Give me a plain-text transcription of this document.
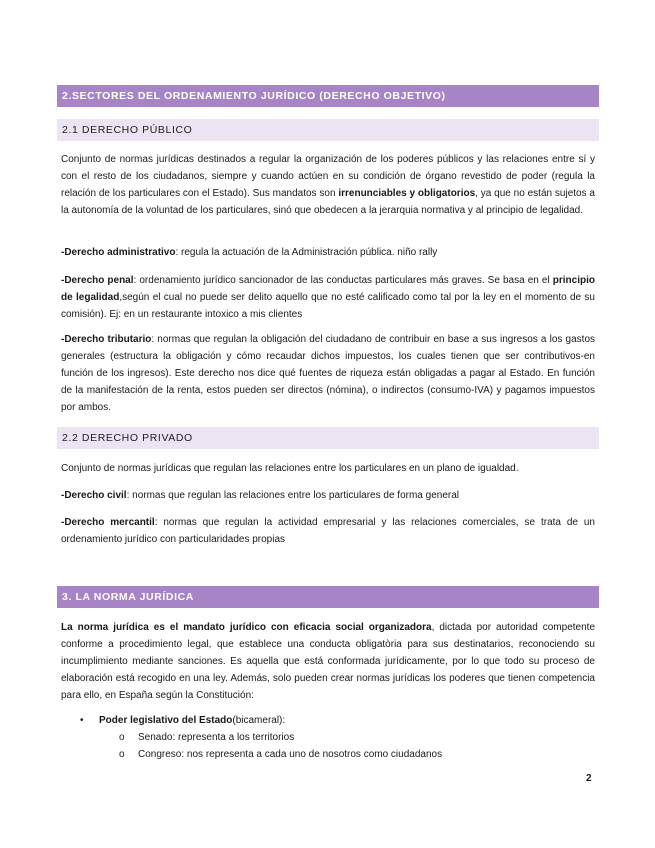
2.SECTORES DEL ORDENAMIENTO JURÍDICO (DERECHO OBJETIVO)
2.1 DERECHO PÚBLICO

Conjunto de normas jurídicas destinados a regular la organización de los poderes públicos y las relaciones entre sí y con el resto de los ciudadanos, siempre y cuando actúen en su condición de órgano revestido de poder (regula la relación de los particulares con el Estado). Sus mandatos son irrenunciables y obligatorios, ya que no están sujetos a la autonomía de la voluntad de los particulares, sinó que obedecen a la jerarquia normativa y al principio de legalidad.

-Derecho administrativo: regula la actuación de la Administración pública. niño rally

-Derecho penal: ordenamiento jurídico sancionador de las conductas particulares más graves. Se basa en el principio de legalidad,según el cual no puede ser delito aquello que no esté calificado como tal por la ley en el momento de su comisión). Ej: en un restaurante intoxico a mis clientes

-Derecho tributario: normas que regulan la obligación del ciudadano de contribuir en base a sus ingresos a los gastos generales (estructura la obligación y cómo recaudar dichos impuestos, los cuales tienen que ser contributivos-en función de los ingresos). Este derecho nos dice qué fuentes de riqueza están obligadas a pagar al Estado. En función de la manifestación de la renta, estos pueden ser directos (nómina), o indirectos (consumo-IVA) y pagamos impuestos por ambos.

2.2 DERECHO PRIVADO

Conjunto de normas jurídicas que regulan las relaciones entre los particulares en un plano de igualdad.

-Derecho civil: normas que regulan las relaciones entre los particulares de forma general

-Derecho mercantil: normas que regulan la actividad empresarial y las relaciones comerciales, se trata de un ordenamiento jurídico con particularidades propias

3. LA NORMA JURÍDICA

La norma jurídica es el mandato jurídico con eficacia social organizadora, dictada por autoridad competente conforme a procedimiento legal, que establece una conducta obligatòria para sus destinatarios, reconociendo su incumplimiento mediante sanciones. Es aquella que está conformada jurídicamente, por lo que todo su proceso de elaboración está recogido en una ley. Además, solo pueden crear normas jurídicas los poderes que tienen competencia para ello, en España según la Constitución:

• Poder legislativo del Estado(bicameral):
o Senado: representa a los territorios
o Congreso: nos representa a cada uno de nosotros como ciudadanos
2
